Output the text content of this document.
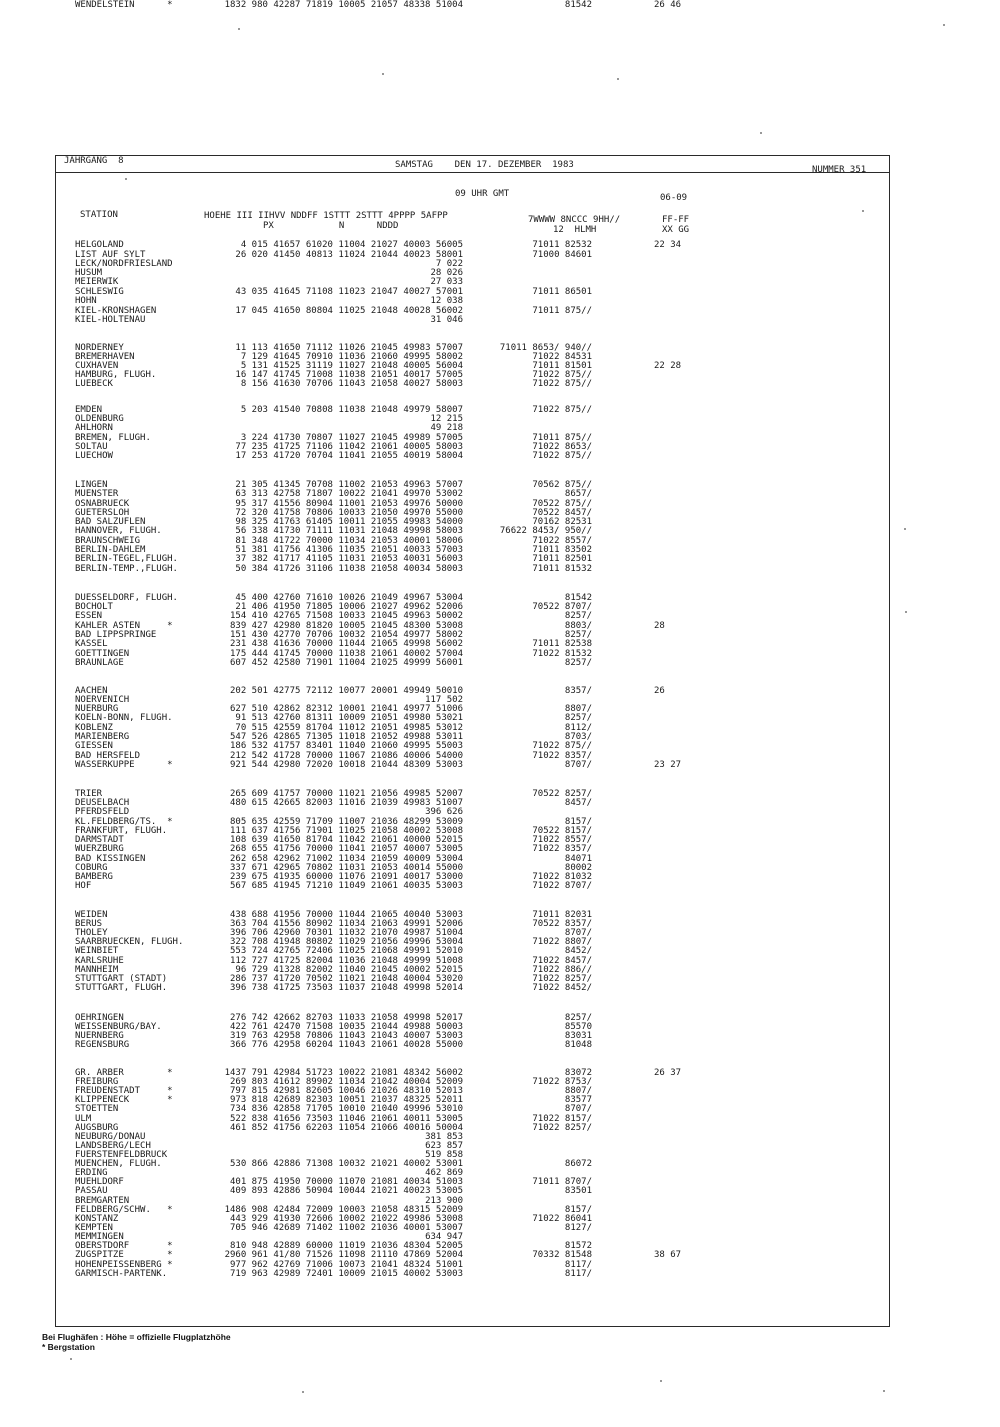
JAHRGANG  8	SAMSTAG    DEN 17. DEZEMBER  1983	NUMMER 351
09 UHR GMT	06-09
STATION	HOEHE III IIHVV NDDFF 1STTT 2STTT 4PPPP 5AFPP
PX            N      NDDD
7WWWW 8NCCC 9HH//
12  HLMH
FF-FF
XX GG
HELGOLAND	4 015 41657 61020 11004 21027 40003 56005	71011 82532	22 34
LIST AUF SYLT	26 020 41450 40813 11024 21044 40023 58001	71000 84601
LECK/NORDFRIESLAND	7 022
HUSUM	28 026
MEIERWIK	27 033
SCHLESWIG	43 035 41645 71108 11023 21047 40027 57001	71011 86501
HOHN	12 038
KIEL-KRONSHAGEN	17 045 41650 80804 11025 21048 40028 56002	71011 875//
KIEL-HOLTENAU	31 046
NORDERNEY	11 113 41650 71112 11026 21045 49983 57007	71011 8653/ 940//
BREMERHAVEN	7 129 41645 70910 11036 21060 49995 58002	71022 84531
CUXHAVEN	5 131 41525 31119 11027 21048 40005 56004	71011 81501	22 28
HAMBURG, FLUGH.	16 147 41745 71008 11038 21051 40017 57005	71022 875//
LUEBECK	8 156 41630 70706 11043 21058 40027 58003	71022 875//
EMDEN	5 203 41540 70808 11038 21048 49979 58007	71022 875//
OLDENBURG	12 215
AHLHORN	49 218
BREMEN, FLUGH.	3 224 41730 70807 11027 21045 49989 57005	71011 875//
SOLTAU	77 235 41725 71106 11042 21061 40005 58003	71022 8653/
LUECHOW	17 253 41720 70704 11041 21055 40019 58004	71022 875//
LINGEN	21 305 41345 70708 11002 21053 49963 57007	70562 875//
MUENSTER	63 313 42758 71807 10022 21041 49970 53002	8657/
OSNABRUECK	95 317 41556 80904 11001 21053 49976 50000	70522 875//
GUETERSLOH	72 320 41758 70806 10033 21050 49970 55000	70522 8457/
BAD SALZUFLEN	98 325 41763 61405 10011 21055 49983 54000	70162 82531
HANNOVER, FLUGH.	56 338 41730 71111 11031 21048 49998 58003	76622 8453/ 950//
BRAUNSCHWEIG	81 348 41722 70000 11034 21053 40001 58006	71022 8557/
BERLIN-DAHLEM	51 381 41756 41306 11035 21051 40033 57003	71011 83502
BERLIN-TEGEL,FLUGH.	37 382 41717 41105 11031 21053 40031 56003	71011 82501
BERLIN-TEMP.,FLUGH.	50 384 41726 31106 11038 21058 40034 58003	71011 81532
DUESSELDORF, FLUGH.	45 400 42760 71610 10026 21049 49967 53004	81542
BOCHOLT	21 406 41950 71805 10006 21027 49962 52006	70522 8707/
ESSEN	154 410 42765 71508 10033 21045 49963 50002	8257/
KAHLER ASTEN     *	839 427 42980 81820 10005 21045 48300 53008	8803/	28
BAD LIPPSPRINGE	151 430 42770 70706 10032 21054 49977 58002	8257/
KASSEL	231 438 41636 70000 11044 21065 49998 56002	71011 82538
GOETTINGEN	175 444 41745 70000 11038 21061 40002 57004	71022 81532
BRAUNLAGE	607 452 42580 71901 11004 21025 49999 56001	8257/
AACHEN	202 501 42775 72112 10077 20001 49949 50010	8357/	26
NOERVENICH	117 502
NUERBURG	627 510 42862 82312 10001 21041 49977 51006	8807/
KOELN-BONN, FLUGH.	91 513 42760 81311 10009 21051 49980 53021	8257/
KOBLENZ	70 515 42559 81704 11012 21051 49985 53012	8112/
MARIENBERG	547 526 42865 71305 11018 21052 49988 53011	8703/
GIESSEN	186 532 41757 83401 11040 21060 49995 55003	71022 875//
BAD HERSFELD	212 542 41728 70000 11067 21086 40006 54000	71022 8357/
WASSERKUPPE      *	921 544 42980 72020 10018 21044 48309 53003	8707/	23 27
TRIER	265 609 41757 70000 11021 21056 49985 52007	70522 8257/
DEUSELBACH	480 615 42665 82003 11016 21039 49983 51007	8457/
PFERDSFELD	396 626
KL.FELDBERG/TS.  *	805 635 42559 71709 11007 21036 48299 53009	8157/
FRANKFURT, FLUGH.	111 637 41756 71901 11025 21058 40002 53008	70522 8157/
DARMSTADT	108 639 41650 81704 11042 21061 40000 52015	71022 8557/
WUERZBURG	268 655 41756 70000 11041 21057 40007 53005	71022 8357/
BAD KISSINGEN	262 658 42962 71002 11034 21059 40009 53004	84071
COBURG	337 671 42965 70802 11031 21053 40014 55000	80002
BAMBERG	239 675 41935 60000 11076 21091 40017 53000	71022 81032
HOF	567 685 41945 71210 11049 21061 40035 53003	71022 8707/
WEIDEN	438 688 41956 70000 11044 21065 40040 53003	71011 82031
BERUS	363 704 41556 80902 11034 21063 49991 52006	70522 8357/
THOLEY	396 706 42960 70301 11032 21070 49987 51004	8707/
SAARBRUECKEN, FLUGH.	322 708 41948 80802 11029 21056 49996 53004	71022 8807/
WEINBIET	553 724 42765 72406 11025 21068 49991 52010	8452/
KARLSRUHE	112 727 41725 82004 11036 21048 49999 51008	71022 8457/
MANNHEIM	96 729 41328 82002 11040 21045 40002 52015	71022 886//
STUTTGART (STADT)	286 737 41720 70502 11021 21048 40004 53020	71022 8257/
STUTTGART, FLUGH.	396 738 41725 73503 11037 21048 49998 52014	71022 8452/
OEHRINGEN	276 742 42662 82703 11033 21058 49998 52017	8257/
WEISSENBURG/BAY.	422 761 42470 71508 10035 21044 49988 50003	85570
NUERNBERG	319 763 42958 70806 11043 21043 40007 53003	83031
REGENSBURG	366 776 42958 60204 11043 21061 40028 55000	81048
GR. ARBER        *	1437 791 42984 51723 10022 21081 48342 56002	83072	26 37
FREIBURG	269 803 41612 89902 11034 21042 40004 52009	71022 8753/
FREUDENSTADT     *	797 815 42981 82605 10046 21026 48310 52013	8807/
KLIPPENECK       *	973 818 42689 82303 10051 21037 48325 52011	83577
STOETTEN	734 836 42858 71705 10010 21040 49996 53010	8707/
ULM	522 838 41656 73503 11046 21061 40011 53005	71022 8157/
AUGSBURG	461 852 41756 62203 11054 21066 40016 50004	71022 8257/
NEUBURG/DONAU	381 853
LANDSBERG/LECH	623 857
FUERSTENFELDBRUCK	519 858
MUENCHEN, FLUGH.	530 866 42886 71308 10032 21021 40002 53001	86072
ERDING	462 869
MUEHLDORF	401 875 41950 70000 11070 21081 40034 51003	71011 8707/
PASSAU	409 893 42886 50904 10044 21021 40023 53005	83501
BREMGARTEN	213 900
FELDBERG/SCHW.   *	1486 908 42484 72009 10003 21058 48315 52009	8157/
KONSTANZ	443 929 41930 72606 10002 21022 49986 53008	71022 86041
KEMPTEN	705 946 42689 71402 11002 21036 40001 53007	8127/
MEMMINGEN	634 947
OBERSTDORF       *	810 948 42889 60000 11019 21036 48304 52005	81572
ZUGSPITZE        *	2960 961 41/80 71526 11098 21110 47869 52004	70332 81548	38 67
HOHENPEISSENBERG *	977 962 42769 71006 10073 21041 48324 51001	8117/
GARMISCH-PARTENK.	719 963 42989 72401 10009 21015 40002 53003	8117/
WENDELSTEIN      *	1832 980 42287 71819 10005 21057 48338 51004	81542	26 46
Bei Flughäfen : Höhe = offizielle Flugplatzhöhe
* Bergstation
